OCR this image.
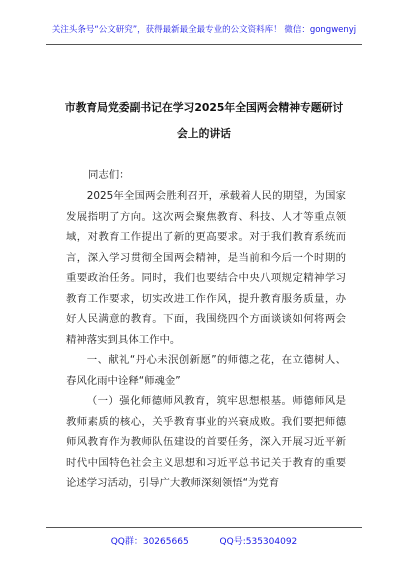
关注头条号“公文研究”，获得最新最全最专业的公文资料库！ 微信：gongwenyj
市教育局党委副书记在学习2025年全国两会精神专题研讨
会上的讲话
同志们：

2025年全国两会胜利召开，承载着人民的期望，为国家发展指明了方向。这次两会聚焦教育、科技、人才等重点领域，对教育工作提出了新的更高要求。对于我们教育系统而言，深入学习贯彻全国两会精神，是当前和今后一个时期的重要政治任务。同时，我们也要结合中央八项规定精神学习教育工作要求，切实改进工作作风，提升教育服务质量，办好人民满意的教育。下面，我围绕四个方面谈谈如何将两会精神落实到具体工作中。

一、献礼“丹心未泯创新愿”的师德之花，在立德树人、春风化雨中诠释“师魂金”

（一）强化师德师风教育，筑牢思想根基。师德师风是教师素质的核心，关乎教育事业的兴衰成败。我们要把师德师风教育作为教师队伍建设的首要任务，深入开展习近平新时代中国特色社会主义思想和习近平总书记关于教育的重要论述学习活动，引导广大教师深刻领悟“为党育

QQ群：30265665	QQ号:535304092
